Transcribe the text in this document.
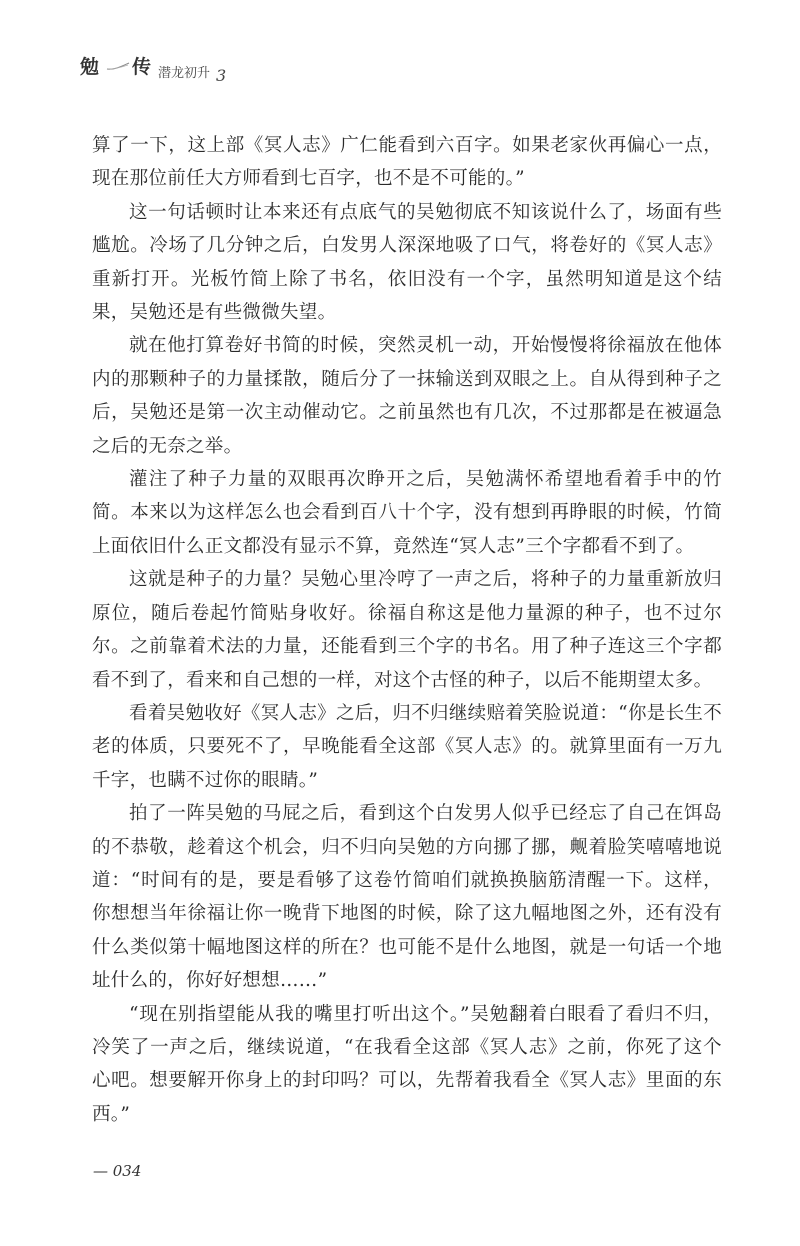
勉 传 潜龙初升 3

算了一下，这上部《冥人志》广仁能看到六百字。如果老家伙再偏心一点，现在那位前任大方师看到七百字，也不是不可能的。”

这一句话顿时让本来还有点底气的吴勉彻底不知该说什么了，场面有些尴尬。冷场了几分钟之后，白发男人深深地吸了口气，将卷好的《冥人志》重新打开。光板竹简上除了书名，依旧没有一个字，虽然明知道是这个结果，吴勉还是有些微微失望。

就在他打算卷好书简的时候，突然灵机一动，开始慢慢将徐福放在他体内的那颗种子的力量揉散，随后分了一抹输送到双眼之上。自从得到种子之后，吴勉还是第一次主动催动它。之前虽然也有几次，不过那都是在被逼急之后的无奈之举。

灌注了种子力量的双眼再次睁开之后，吴勉满怀希望地看着手中的竹简。本来以为这样怎么也会看到百八十个字，没有想到再睁眼的时候，竹简上面依旧什么正文都没有显示不算，竟然连“冥人志”三个字都看不到了。

这就是种子的力量？吴勉心里冷哼了一声之后，将种子的力量重新放归原位，随后卷起竹简贴身收好。徐福自称这是他力量源的种子，也不过尔尔。之前靠着术法的力量，还能看到三个字的书名。用了种子连这三个字都看不到了，看来和自己想的一样，对这个古怪的种子，以后不能期望太多。

看着吴勉收好《冥人志》之后，归不归继续赔着笑脸说道：“你是长生不老的体质，只要死不了，早晚能看全这部《冥人志》的。就算里面有一万九千字，也瞒不过你的眼睛。”

拍了一阵吴勉的马屁之后，看到这个白发男人似乎已经忘了自己在饵岛的不恭敬，趁着这个机会，归不归向吴勉的方向挪了挪，觍着脸笑嘻嘻地说道：“时间有的是，要是看够了这卷竹简咱们就换换脑筋清醒一下。这样，你想想当年徐福让你一晚背下地图的时候，除了这九幅地图之外，还有没有什么类似第十幅地图这样的所在？也可能不是什么地图，就是一句话一个地址什么的，你好好想想……”

“现在别指望能从我的嘴里打听出这个。”吴勉翻着白眼看了看归不归，冷笑了一声之后，继续说道，“在我看全这部《冥人志》之前，你死了这个心吧。想要解开你身上的封印吗？可以，先帮着我看全《冥人志》里面的东西。”

— 034
